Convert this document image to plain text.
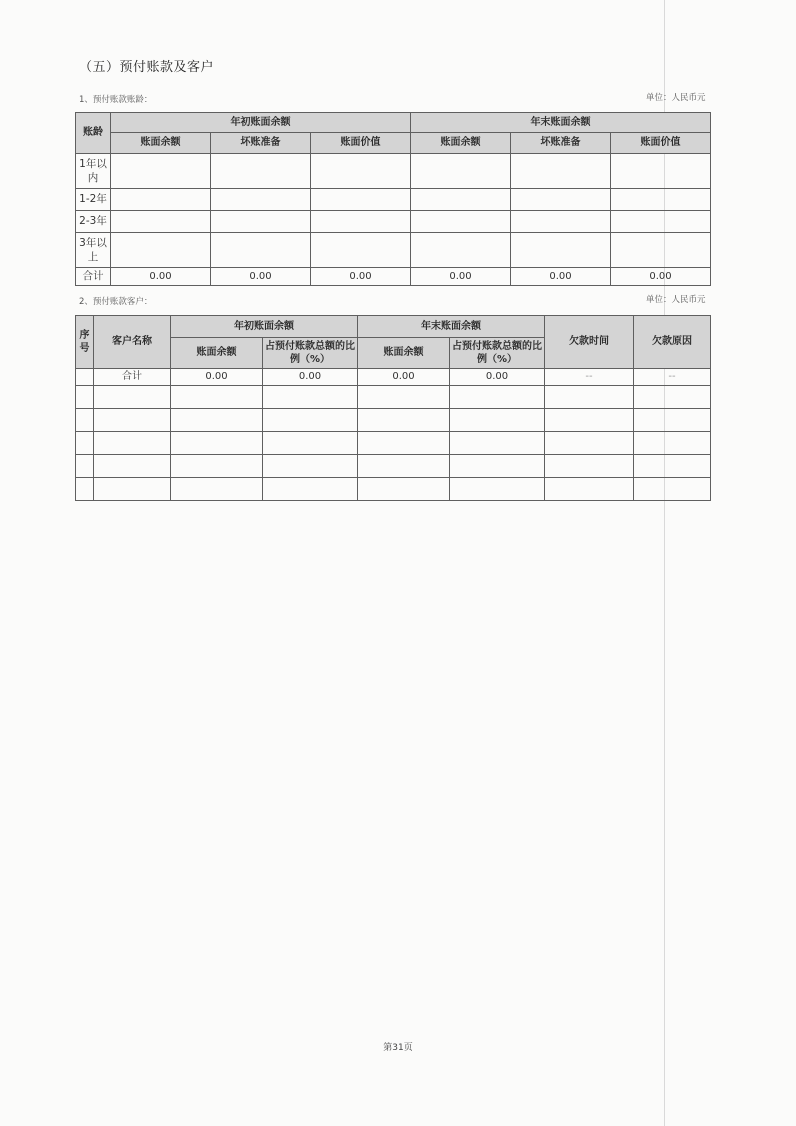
（五）预付账款及客户
1、预付账款账龄：	单位：人民币元
账龄	年初账面余额			年末账面余额		
	账面余额	坏账准备	账面价值	账面余额	坏账准备	账面价值
1年以内						
1-2年						
2-3年						
3年以上						
合计	0.00	0.00	0.00	0.00	0.00	0.00
2、预付账款客户：	单位：人民币元
序号	客户名称	年初账面余额		年末账面余额		欠款时间	欠款原因
		账面余额	占预付账款总额的比例（%）	账面余额	占预付账款总额的比例（%）		
	合计	0.00	0.00	0.00	0.00	--	--

第31页
